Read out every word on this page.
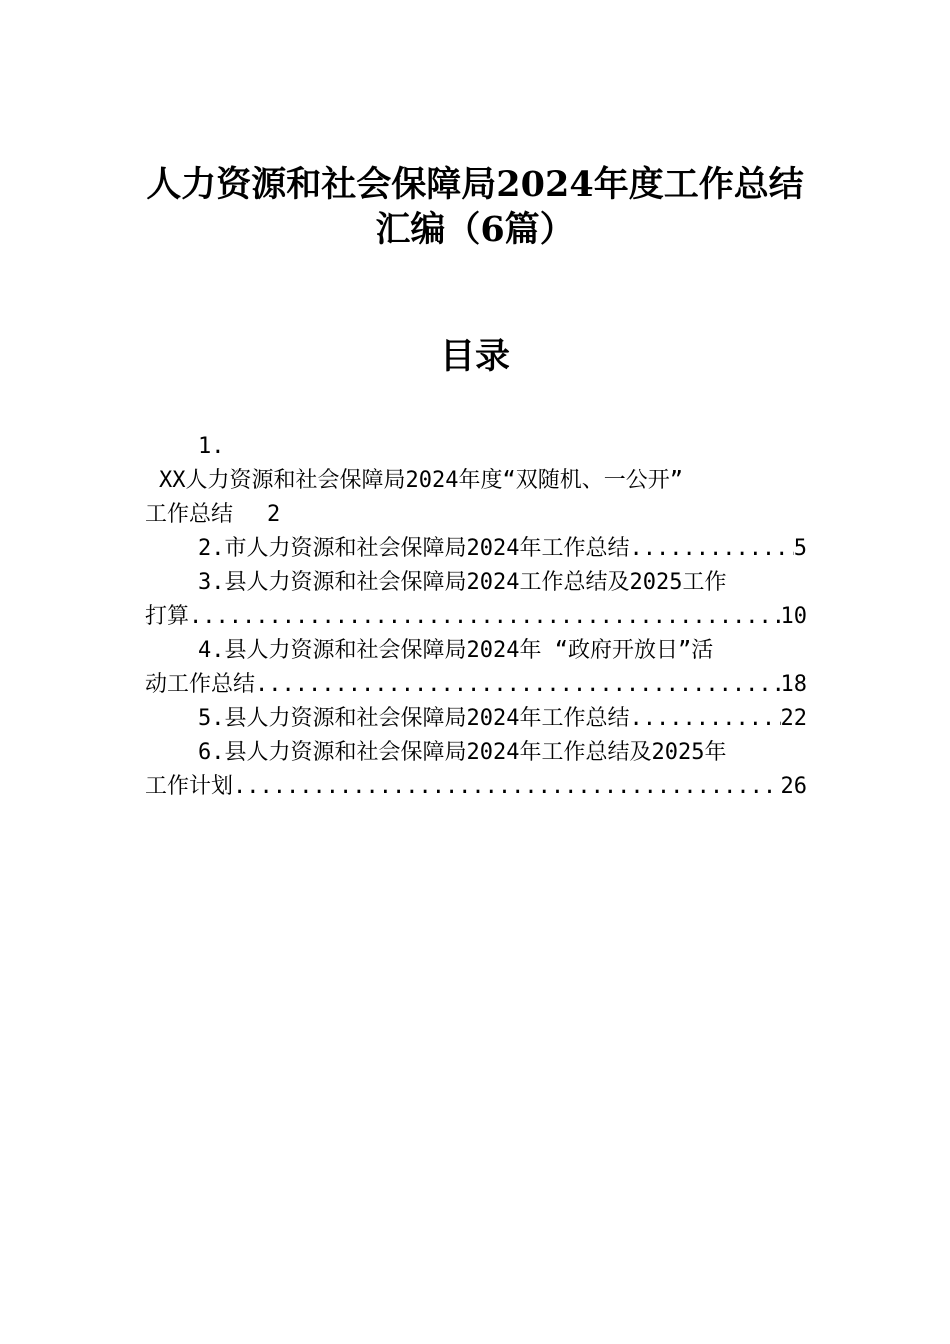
人力资源和社会保障局2024年度工作总结
汇编（6篇）
目录
1.
XX人力资源和社会保障局2024年度“双随机、一公开”
工作总结 2
2.市人力资源和社会保障局2024年工作总结 .....	5
3.县人力资源和社会保障局2024工作总结及2025工作
打算 .....	10
4.县人力资源和社会保障局2024年 “政府开放日”活
动工作总结 .....	18
5.县人力资源和社会保障局2024年工作总结 .....	22
6.县人力资源和社会保障局2024年工作总结及2025年
工作计划 .....	26
